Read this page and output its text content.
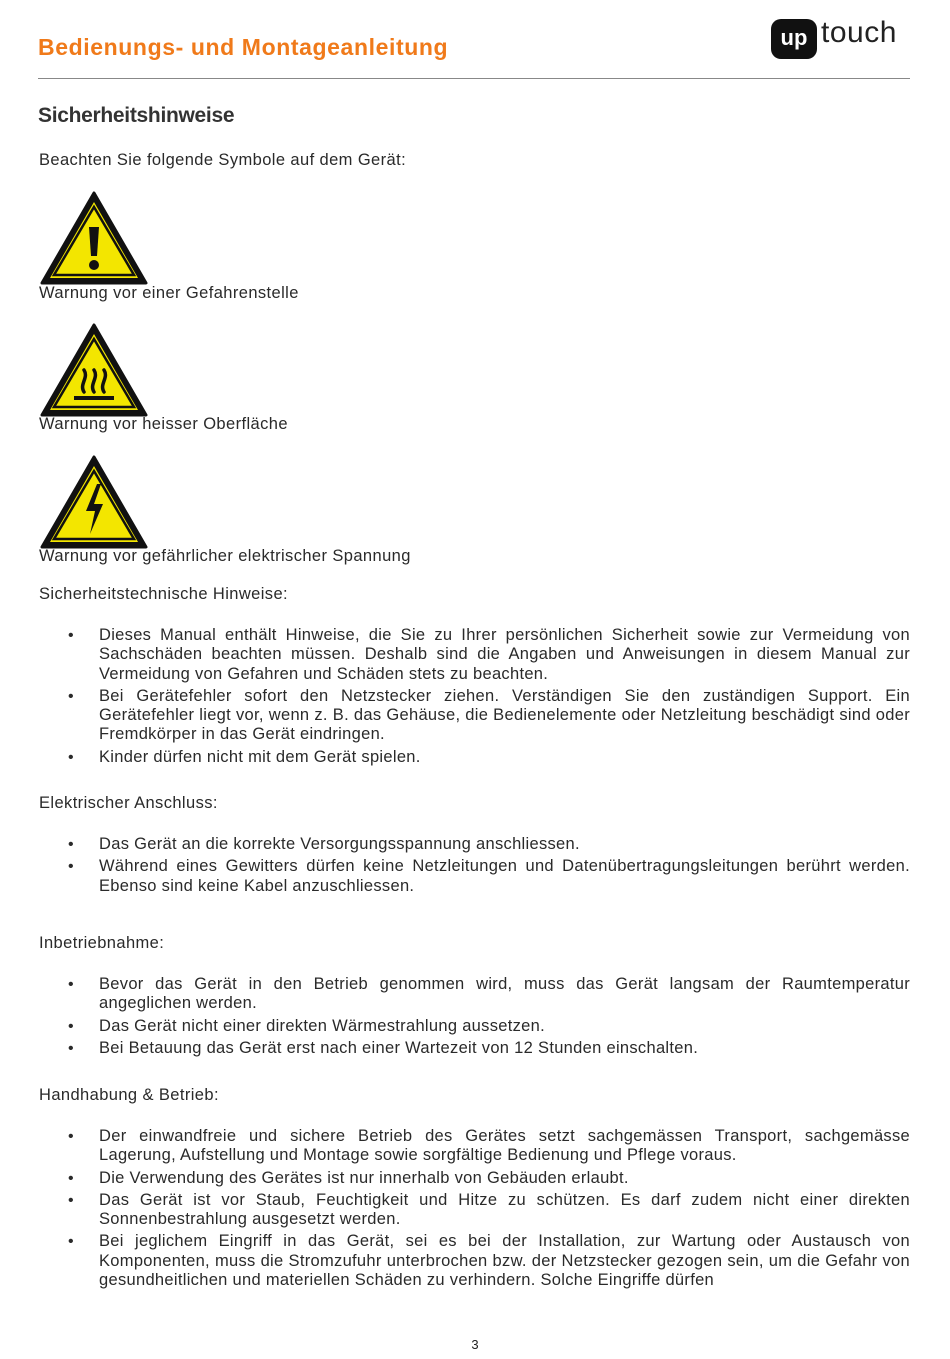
Bedienungs- und Montageanleitung	up touch
Sicherheitshinweise
Beachten Sie folgende Symbole auf dem Gerät:
Warnung vor einer Gefahrenstelle
Warnung vor heisser Oberfläche
Warnung vor gefährlicher elektrischer Spannung
Sicherheitstechnische Hinweise:
• Dieses Manual enthält Hinweise, die Sie zu Ihrer persönlichen Sicherheit sowie zur Vermeidung von Sachschäden beachten müssen. Deshalb sind die Angaben und Anweisungen in diesem Manual zur Vermeidung von Gefahren und Schäden stets zu beachten.
• Bei Gerätefehler sofort den Netzstecker ziehen. Verständigen Sie den zuständigen Support. Ein Gerätefehler liegt vor, wenn z. B. das Gehäuse, die Bedienelemente oder Netzleitung beschädigt sind oder Fremdkörper in das Gerät eindringen.
• Kinder dürfen nicht mit dem Gerät spielen.
Elektrischer Anschluss:
• Das Gerät an die korrekte Versorgungsspannung anschliessen.
• Während eines Gewitters dürfen keine Netzleitungen und Datenübertragungsleitungen berührt werden. Ebenso sind keine Kabel anzuschliessen.
Inbetriebnahme:
• Bevor das Gerät in den Betrieb genommen wird, muss das Gerät langsam der Raumtemperatur angeglichen werden.
• Das Gerät nicht einer direkten Wärmestrahlung aussetzen.
• Bei Betauung das Gerät erst nach einer Wartezeit von 12 Stunden einschalten.
Handhabung & Betrieb:
• Der einwandfreie und sichere Betrieb des Gerätes setzt sachgemässen Transport, sachgemässe Lagerung, Aufstellung und Montage sowie sorgfältige Bedienung und Pflege voraus.
• Die Verwendung des Gerätes ist nur innerhalb von Gebäuden erlaubt.
• Das Gerät ist vor Staub, Feuchtigkeit und Hitze zu schützen. Es darf zudem nicht einer direkten Sonnenbestrahlung ausgesetzt werden.
• Bei jeglichem Eingriff in das Gerät, sei es bei der Installation, zur Wartung oder Austausch von Komponenten, muss die Stromzufuhr unterbrochen bzw. der Netzstecker gezogen sein, um die Gefahr von gesundheitlichen und materiellen Schäden zu verhindern. Solche Eingriffe dürfen
3
